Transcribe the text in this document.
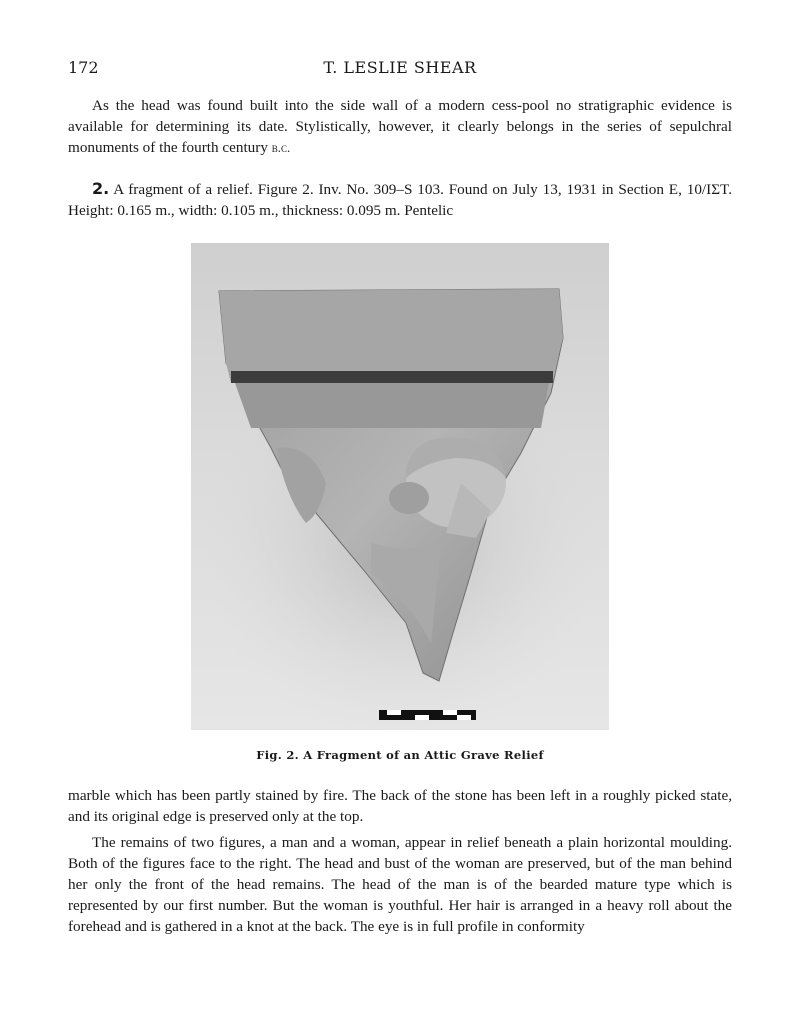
172	T. LESLIE SHEAR

As the head was found built into the side wall of a modern cess-pool no stratigraphic evidence is available for determining its date. Stylistically, however, it clearly belongs in the series of sepulchral monuments of the fourth century b.c.

2. A fragment of a relief. Figure 2. Inv. No. 309–S 103. Found on July 13, 1931 in Section E, 10/ΙΣΤ. Height: 0.165 m., width: 0.105 m., thickness: 0.095 m. Pentelic

Fig. 2. A Fragment of an Attic Grave Relief

marble which has been partly stained by fire. The back of the stone has been left in a roughly picked state, and its original edge is preserved only at the top.

The remains of two figures, a man and a woman, appear in relief beneath a plain horizontal moulding. Both of the figures face to the right. The head and bust of the woman are preserved, but of the man behind her only the front of the head remains. The head of the man is of the bearded mature type which is represented by our first number. But the woman is youthful. Her hair is arranged in a heavy roll about the forehead and is gathered in a knot at the back. The eye is in full profile in conformity
